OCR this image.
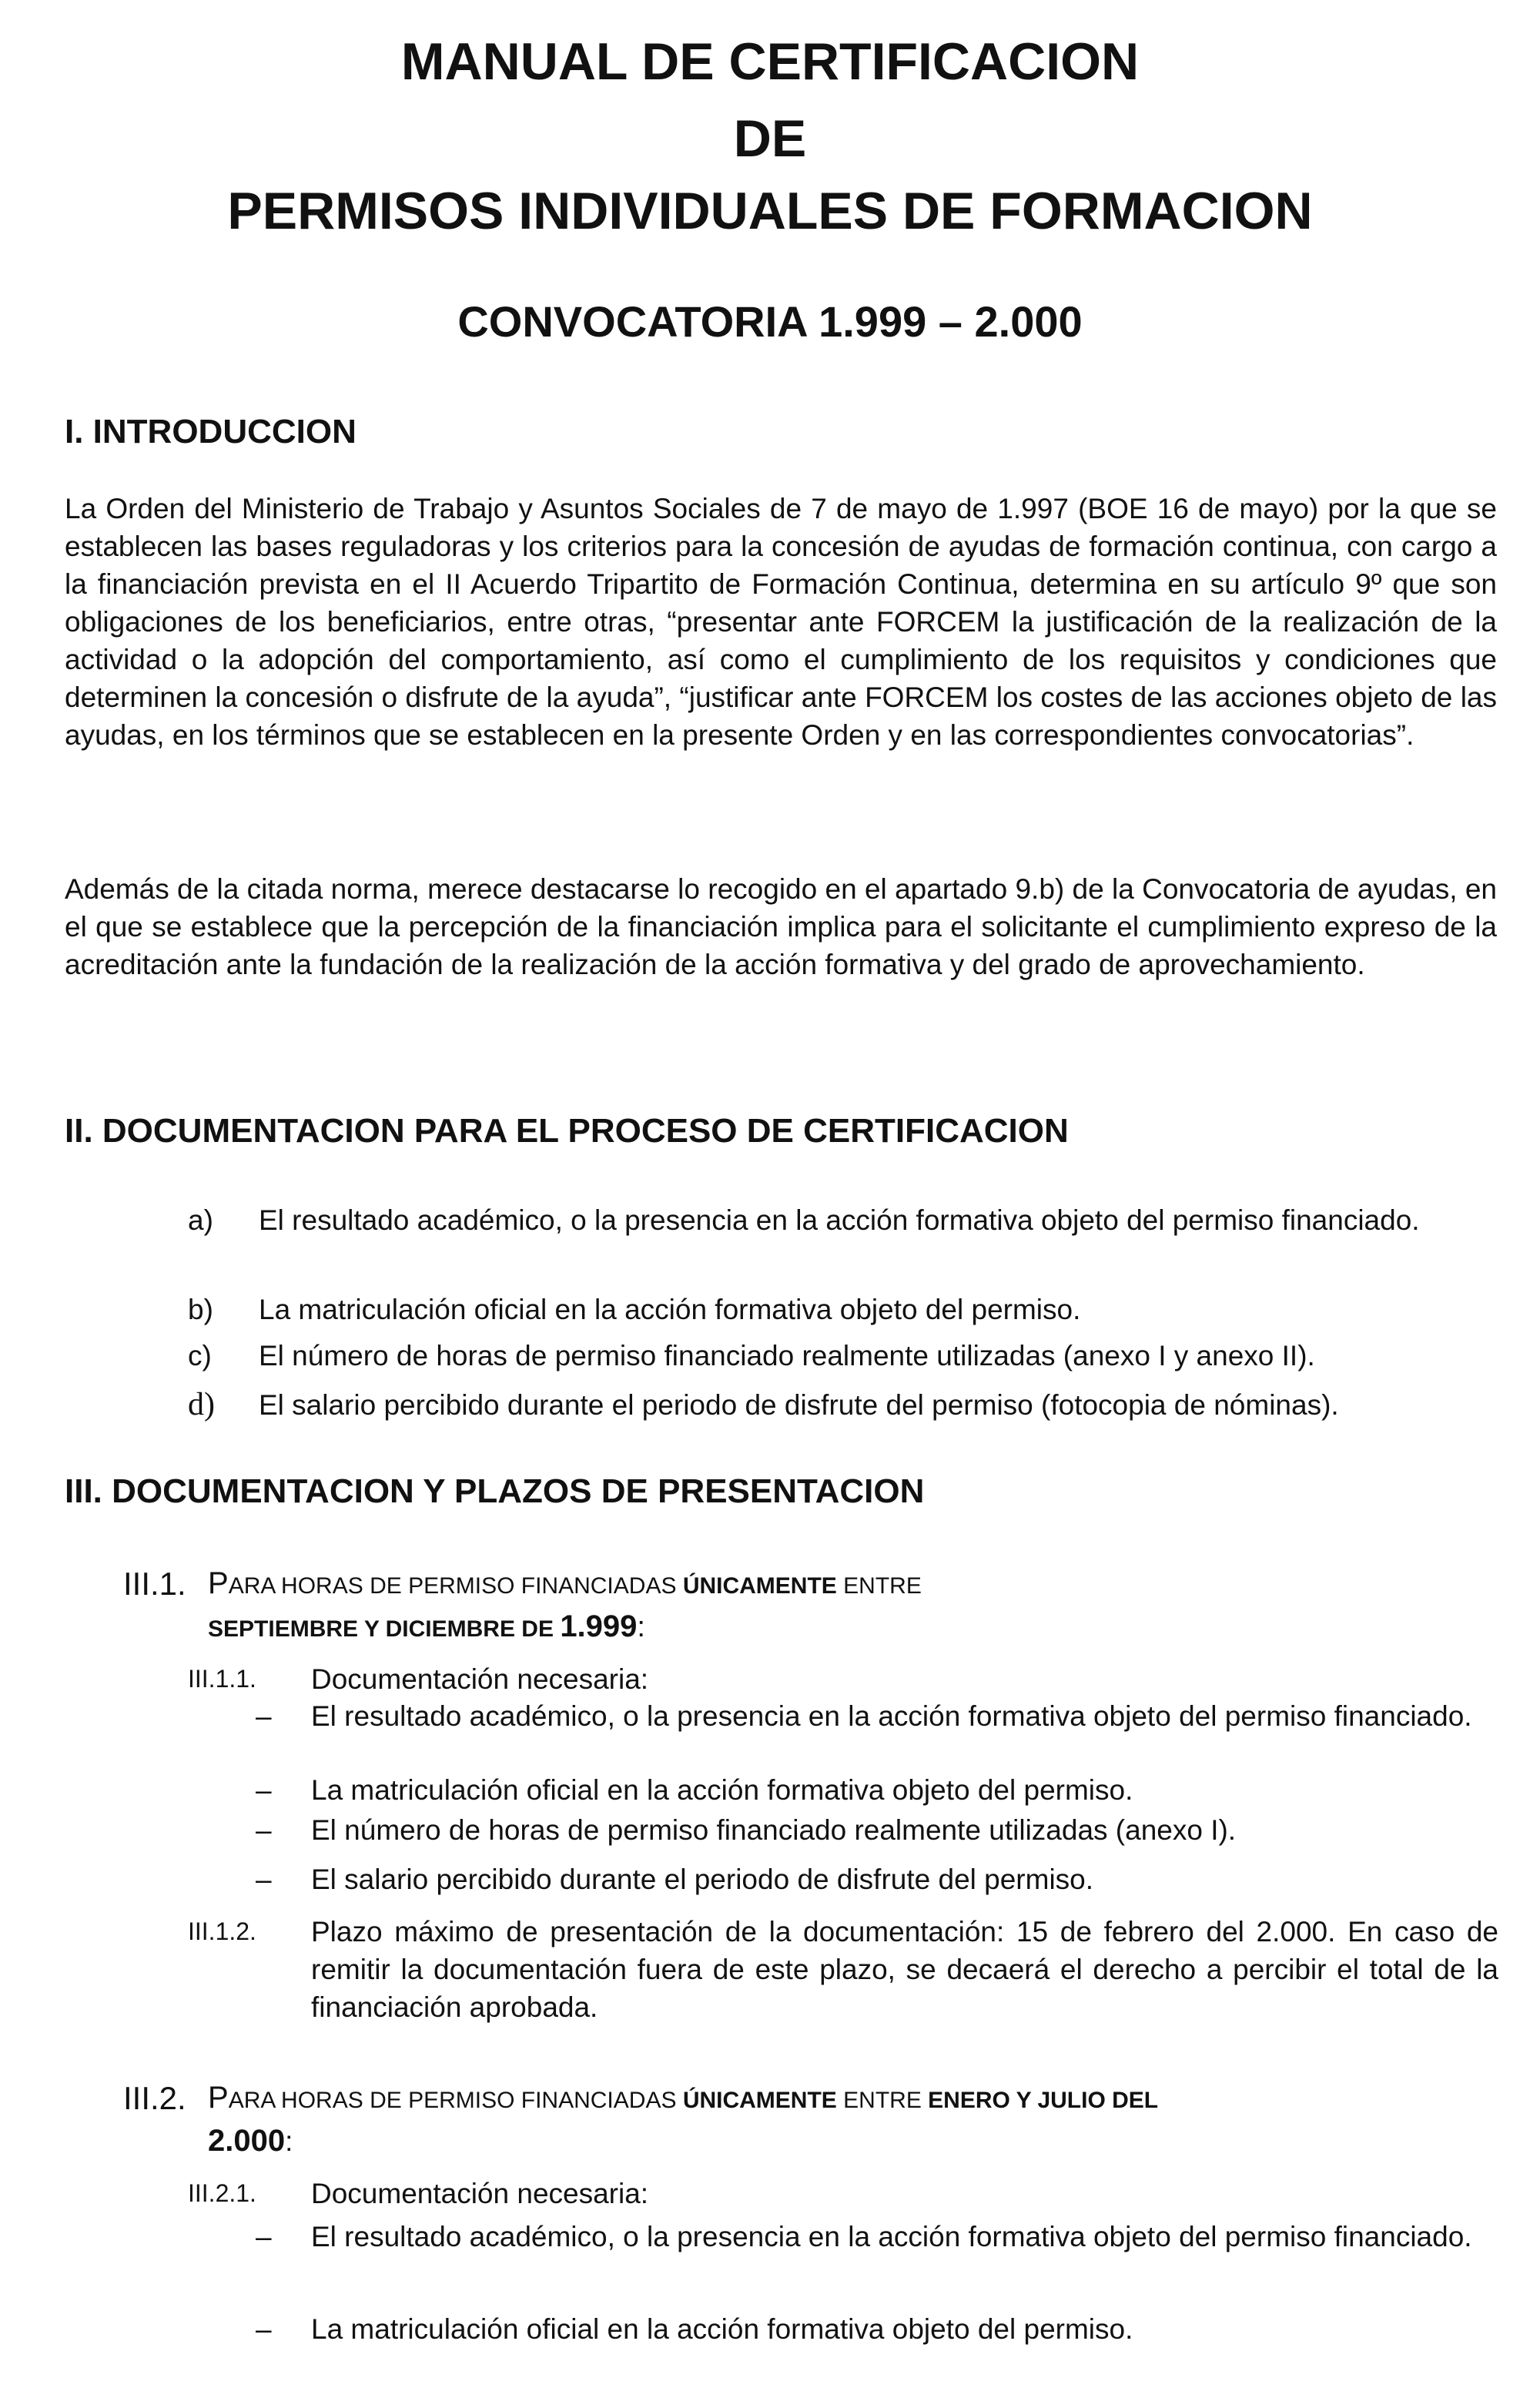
MANUAL DE CERTIFICACION
DE
PERMISOS INDIVIDUALES DE FORMACION
CONVOCATORIA 1.999 – 2.000
I. INTRODUCCION
La Orden del Ministerio de Trabajo y Asuntos Sociales de 7 de mayo de 1.997 (BOE 16 de mayo) por la que se establecen las bases reguladoras y los criterios para la concesión de ayudas de formación continua, con cargo a la financiación prevista en el II Acuerdo Tripartito de Formación Continua, determina en su artículo 9º que son obligaciones de los beneficiarios, entre otras, “presentar ante FORCEM la justificación de la realización de la actividad o la adopción del comportamiento, así como el cumplimiento de los requisitos y condiciones que determinen la concesión o disfrute de la ayuda”, “justificar ante FORCEM los costes de las acciones objeto de las ayudas, en los términos que se establecen en la presente Orden y en las correspondientes convocatorias”.
Además de la citada norma, merece destacarse lo recogido en el apartado 9.b) de la Convocatoria de ayudas, en el que se establece que la percepción de la financiación implica para el solicitante el cumplimiento expreso de la acreditación ante la fundación de la realización de la acción formativa y del grado de aprovechamiento.
II. DOCUMENTACION PARA EL PROCESO DE CERTIFICACION
a) El resultado académico, o la presencia en la acción formativa objeto del permiso financiado.
b) La matriculación oficial en la acción formativa objeto del permiso.
c) El número de horas de permiso financiado realmente utilizadas (anexo I y anexo II).
d) El salario percibido durante el periodo de disfrute del permiso (fotocopia de nóminas).
III. DOCUMENTACION Y PLAZOS DE PRESENTACION
III.1. PARA HORAS DE PERMISO FINANCIADAS ÚNICAMENTE ENTRE
SEPTIEMBRE Y DICIEMBRE DE 1.999:
III.1.1. Documentación necesaria:
– El resultado académico, o la presencia en la acción formativa objeto del permiso financiado.
– La matriculación oficial en la acción formativa objeto del permiso.
– El número de horas de permiso financiado realmente utilizadas (anexo I).
– El salario percibido durante el periodo de disfrute del permiso.
III.1.2. Plazo máximo de presentación de la documentación: 15 de febrero del 2.000. En caso de remitir la documentación fuera de este plazo, se decaerá el derecho a percibir el total de la financiación aprobada.
III.2. PARA HORAS DE PERMISO FINANCIADAS ÚNICAMENTE ENTRE ENERO Y JULIO DEL
2.000:
III.2.1. Documentación necesaria:
– El resultado académico, o la presencia en la acción formativa objeto del permiso financiado.
– La matriculación oficial en la acción formativa objeto del permiso.
